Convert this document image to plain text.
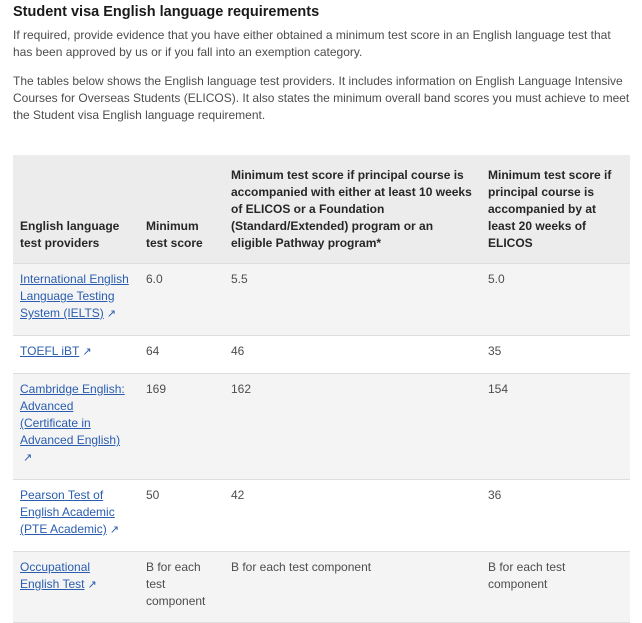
Student visa English language requirements

If required, provide evidence that you have either obtained a minimum test score in an English language test that has been approved by us or if you fall into an exemption category.

The tables below shows the English language test providers. It includes information on English Language Intensive Courses for Overseas Students (ELICOS). It also states the minimum overall band scores you must achieve to meet the Student visa English language requirement.

English language test providers	Minimum test score	Minimum test score if principal course is accompanied with either at least 10 weeks of ELICOS or a Foundation (Standard/Extended) program or an eligible Pathway program*	Minimum test score if principal course is accompanied by at least 20 weeks of ELICOS
International English Language Testing System (IELTS) ↗	6.0	5.5	5.0
TOEFL iBT ↗	64	46	35
Cambridge English: Advanced (Certificate in Advanced English)↗	169	162	154
Pearson Test of English Academic (PTE Academic) ↗	50	42	36
Occupational English Test ↗	B for each test component	B for each test component	B for each test component
